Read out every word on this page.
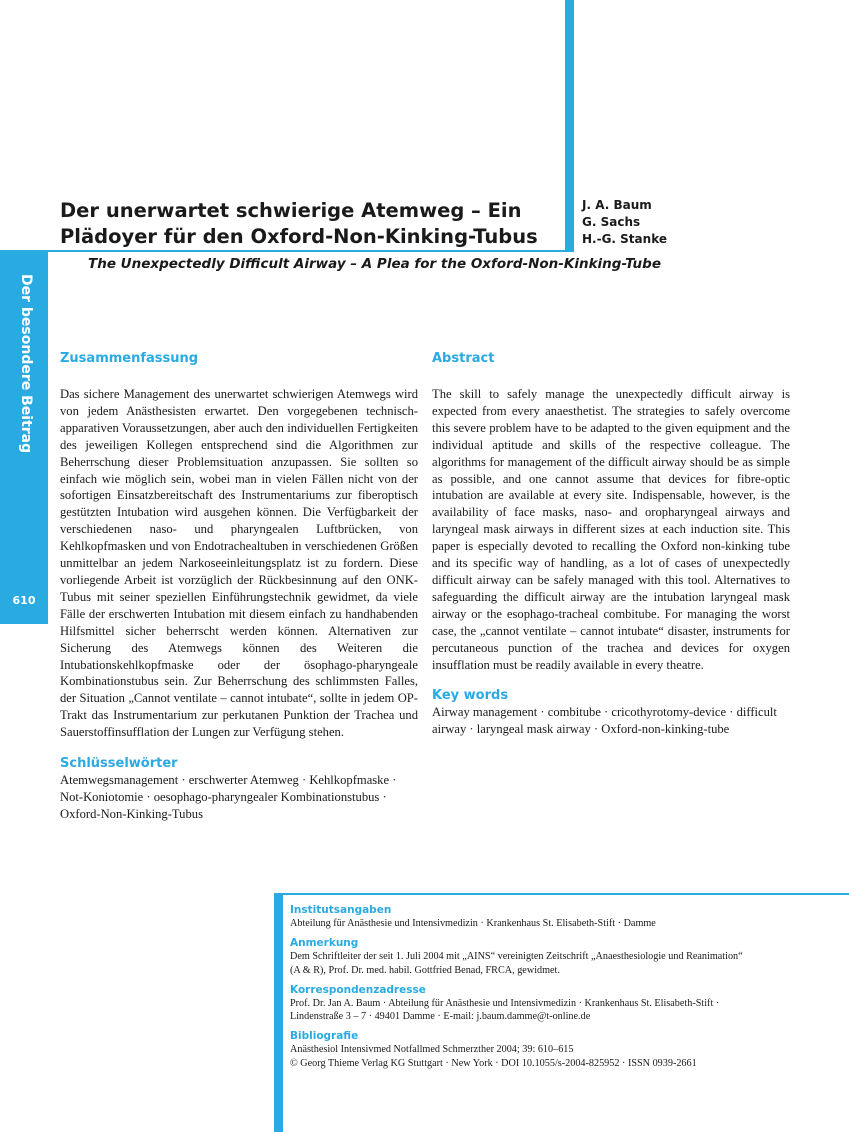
Der besondere Beitrag
610
Der unerwartet schwierige Atemweg – Ein Plädoyer für den Oxford-Non-Kinking-Tubus
J. A. Baum
G. Sachs
H.-G. Stanke
The Unexpectedly Difficult Airway – A Plea for the Oxford-Non-Kinking-Tube
Zusammenfassung

Das sichere Management des unerwartet schwierigen Atemwegs wird von jedem Anästhesisten erwartet. Den vorgegebenen technisch-apparativen Voraussetzungen, aber auch den individuellen Fertigkeiten des jeweiligen Kollegen entsprechend sind die Algorithmen zur Beherrschung dieser Problemsituation anzupassen. Sie sollten so einfach wie möglich sein, wobei man in vielen Fällen nicht von der sofortigen Einsatzbereitschaft des Instrumentariums zur fiberoptisch gestützten Intubation wird ausgehen können. Die Verfügbarkeit der verschiedenen naso- und pharyngealen Luftbrücken, von Kehlkopfmasken und von Endotrachealtuben in verschiedenen Größen unmittelbar an jedem Narkoseeinleitungsplatz ist zu fordern. Diese vorliegende Arbeit ist vorzüglich der Rückbesinnung auf den ONK-Tubus mit seiner speziellen Einführungstechnik gewidmet, da viele Fälle der erschwerten Intubation mit diesem einfach zu handhabenden Hilfsmittel sicher beherrscht werden können. Alternativen zur Sicherung des Atemwegs können des Weiteren die Intubationskehlkopfmaske oder der ösophago-pharyngeale Kombinationstubus sein. Zur Beherrschung des schlimmsten Falles, der Situation „Cannot ventilate – cannot intubate“, sollte in jedem OP-Trakt das Instrumentarium zur perkutanen Punktion der Trachea und Sauerstoffinsufflation der Lungen zur Verfügung stehen.

Schlüsselwörter

Atemwegsmanagement · erschwerter Atemweg · Kehlkopfmaske · Not-Koniotomie · oesophago-pharyngealer Kombinationstubus · Oxford-Non-Kinking-Tubus

Abstract

The skill to safely manage the unexpectedly difficult airway is expected from every anaesthetist. The strategies to safely overcome this severe problem have to be adapted to the given equipment and the individual aptitude and skills of the respective colleague. The algorithms for management of the difficult airway should be as simple as possible, and one cannot assume that devices for fibre-optic intubation are available at every site. Indispensable, however, is the availability of face masks, naso- and oropharyngeal airways and laryngeal mask airways in different sizes at each induction site. This paper is especially devoted to recalling the Oxford non-kinking tube and its specific way of handling, as a lot of cases of unexpectedly difficult airway can be safely managed with this tool. Alternatives to safeguarding the difficult airway are the intubation laryngeal mask airway or the esophago-tracheal combitube. For managing the worst case, the „cannot ventilate – cannot intubate“ disaster, instruments for percutaneous punction of the trachea and devices for oxygen insufflation must be readily available in every theatre.

Key words

Airway management · combitube · cricothyrotomy-device · difficult airway · laryngeal mask airway · Oxford-non-kinking-tube

Institutsangaben
Abteilung für Anästhesie und Intensivmedizin · Krankenhaus St. Elisabeth-Stift · Damme
Anmerkung
Dem Schriftleiter der seit 1. Juli 2004 mit „AINS“ vereinigten Zeitschrift „Anaesthesiologie und Reanimation“
(A & R), Prof. Dr. med. habil. Gottfried Benad, FRCA, gewidmet.
Korrespondenzadresse
Prof. Dr. Jan A. Baum · Abteilung für Anästhesie und Intensivmedizin · Krankenhaus St. Elisabeth-Stift ·
Lindenstraße 3 – 7 · 49401 Damme · E-mail: j.baum.damme@t-online.de
Bibliografie
Anästhesiol Intensivmed Notfallmed Schmerzther 2004; 39: 610–615
© Georg Thieme Verlag KG Stuttgart · New York · DOI 10.1055/s-2004-825952 · ISSN 0939-2661
